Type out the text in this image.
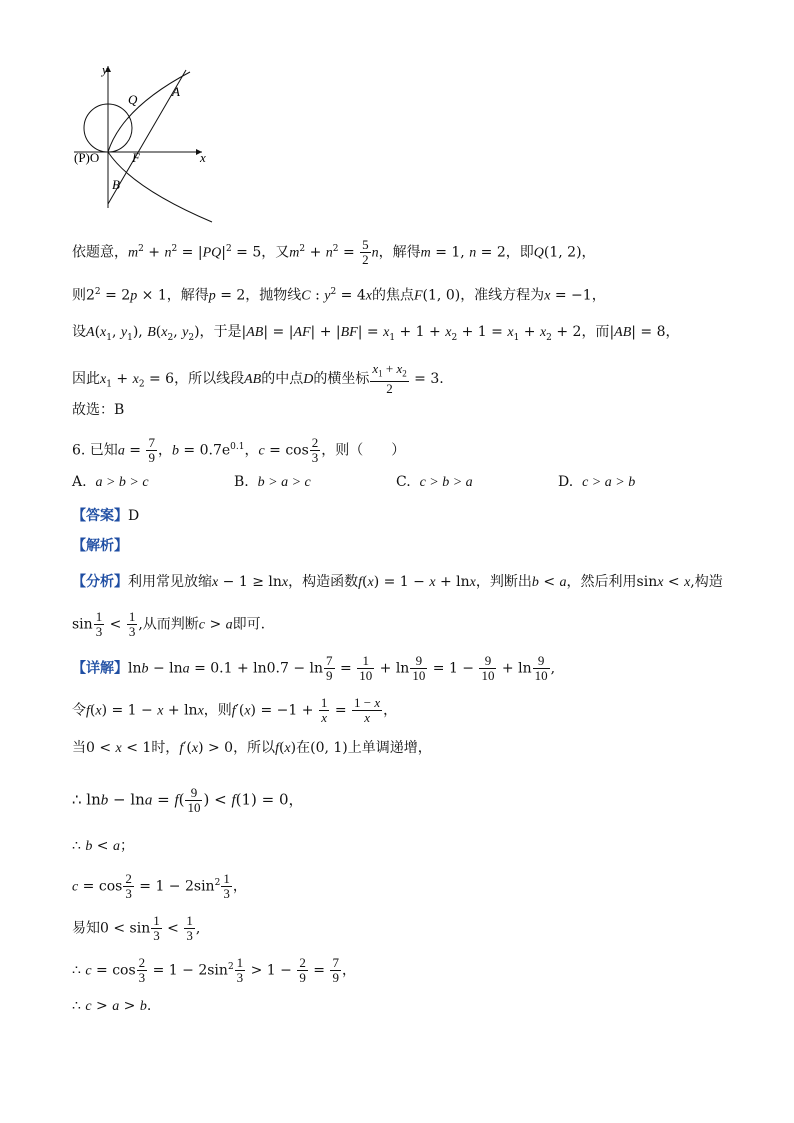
y
x
Q
A
F
B
(P)O
依题意，$m^2 + n^2 = |PQ|^2 = 5$，又$m^2 + n^2 = \frac{5}{2}$ n，解得m = 1, n = 2，即Q(1, 2)，
则$2^2 = 2p \times 1$，解得p = 2，抛物线C : $y^2 = 4x$的焦点F(1, 0)，准线方程为x = −1，
设$A(x_1$, $y_1$), $B(x_2$, $y_2$)，于是$|AB| = |AF| + |BF| = x_1 + 1 + x_2 + 1 = x_1 + x_2 + 2$，而|AB| = 8，
因此$x_1 + x_2 = 6$，所以线段AB的中点D的横坐标 $\frac{x_1 + x_2}{2} = 3$.
故选：B
6. 已知$a = \frac{7}{9}$ ，$b = 0.7e^{0.1}$，$c = \cos \frac{2}{3}$ ，则（　　）
A. a > b > c	B. b > a > c	C. c > b > a	D. c > a > b
【答案】D
【解析】
【分析】利用常见放缩x − 1 ≥ lnx，构造函数f(x) = 1 − x + lnx，判断出b < a，然后利用sinx < x,构造
$\sin \frac{1}{3} < \frac{1}{3}$ ,从而判断c > a即可.
【详解】$\ln b - \ln a = 0.1 + \ln 0.7 - \ln \frac{7}{9} = \frac{1}{10} + \ln \frac{9}{10} = 1 - \frac{9}{10} + \ln \frac{9}{10}$ ,
令f(x) = 1 − x + lnx，则$f'(x) = -1 + \frac{1}{x} = \frac{1 - x}{x}$ ，
当0 < x < 1时，f′(x) > 0，所以f(x)在(0, 1)上单调递增，
∴ $\ln b - \ln a = f( \frac{9}{10}$ ) < f(1) = 0，
∴ b < a；
$c = \cos \frac{2}{3} = 1 - 2\sin^2 \frac{1}{3}$ ，
易知$0 < \sin \frac{1}{3} < \frac{1}{3}$ ,
∴ $c = \cos \frac{2}{3} = 1 - 2\sin^2 \frac{1}{3} > 1 - \frac{2}{9} = \frac{7}{9}$ ，
∴ c > a > b.
